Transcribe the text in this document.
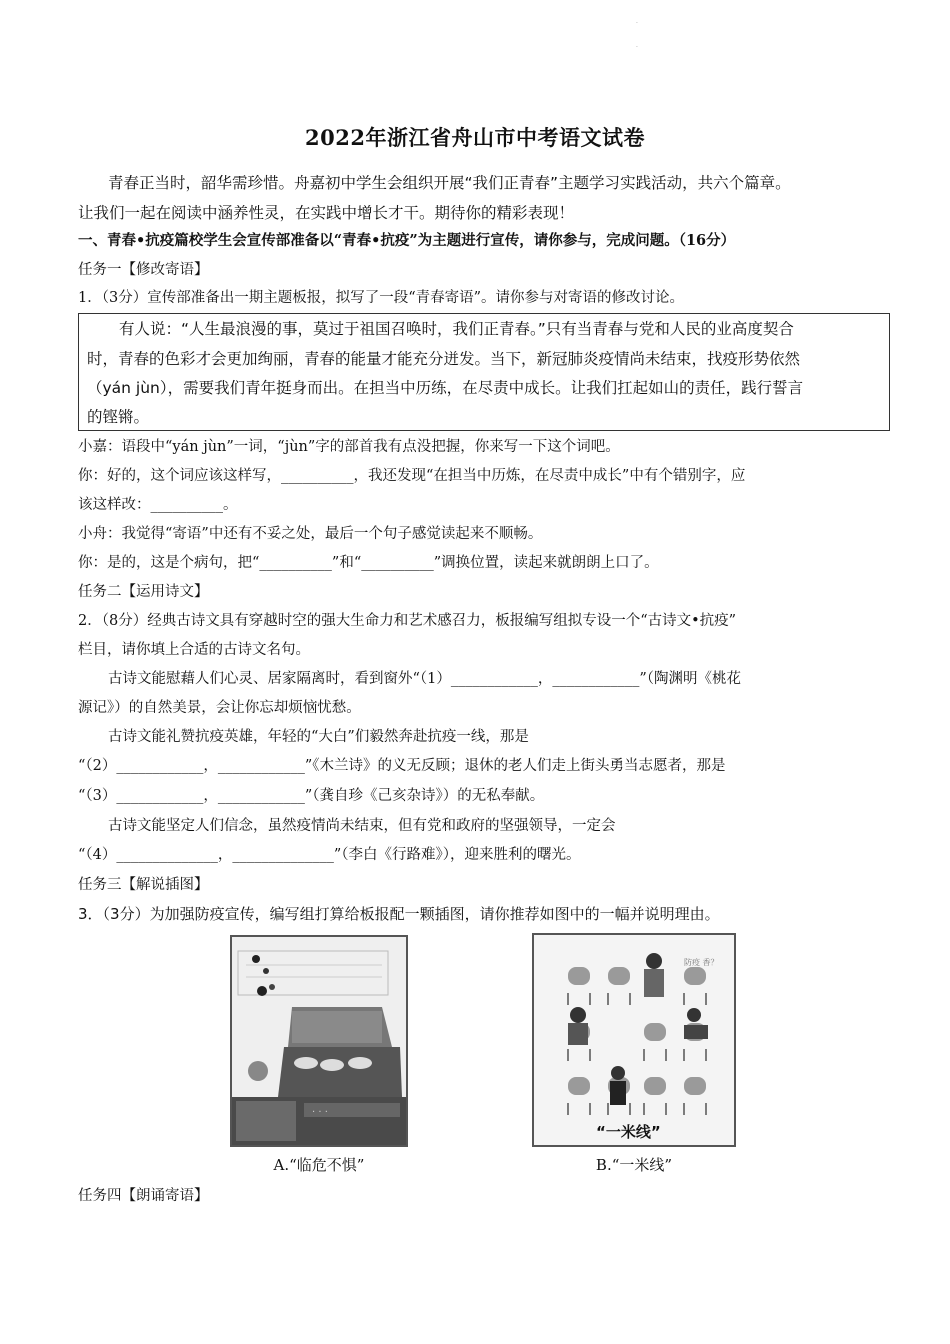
·
·
2022年浙江省舟山市中考语文试卷
青春正当时，韶华需珍惜。舟嘉初中学生会组织开展“我们正青春”主题学习实践活动，共六个篇章。
让我们一起在阅读中涵养性灵，在实践中增长才干。期待你的精彩表现！
一、青春•抗疫篇校学生会宣传部准备以“青春•抗疫”为主题进行宣传，请你参与，完成问题。（16分）
任务一【修改寄语】
1．（3分）宣传部准备出一期主题板报，拟写了一段“青春寄语”。请你参与对寄语的修改讨论。
有人说：“人生最浪漫的事，莫过于祖国召唤时，我们正青春。”只有当青春与党和人民的业高度契合
时，青春的色彩才会更加绚丽，青春的能量才能充分迸发。当下，新冠肺炎疫情尚未结束，找疫形势依然
（yán jùn），需要我们青年挺身而出。在担当中历练，在尽责中成长。让我们扛起如山的责任，践行誓言
的铿锵。
小嘉：语段中“yán jùn”一词，“jùn”字的部首我有点没把握，你来写一下这个词吧。
你：好的，这个词应该这样写，__________，我还发现“在担当中历炼，在尽责中成长”中有个错别字，应
该这样改：__________。
小舟：我觉得“寄语”中还有不妥之处，最后一个句子感觉读起来不顺畅。
你：是的，这是个病句，把“__________”和“__________”调换位置，读起来就朗朗上口了。
任务二【运用诗文】
2．（8分）经典古诗文具有穿越时空的强大生命力和艺术感召力，板报编写组拟专设一个“古诗文•抗疫”
栏目，请你填上合适的古诗文名句。
古诗文能慰藉人们心灵、居家隔离时，看到窗外“（1）____________，____________”（陶渊明《桃花
源记》）的自然美景，会让你忘却烦恼忧愁。
古诗文能礼赞抗疫英雄，年轻的“大白”们毅然奔赴抗疫一线，那是
“（2）____________，____________”《木兰诗》的义无反顾；退休的老人们走上街头勇当志愿者，那是
“（3）____________，____________”（龚自珍《己亥杂诗》）的无私奉献。
古诗文能坚定人们信念，虽然疫情尚未结束，但有党和政府的坚强领导，一定会
“（4）______________，______________”（李白《行路难》），迎来胜利的曙光。
任务三【解说插图】
3．（3分）为加强防疫宣传，编写组打算给板报配一颗插图，请你推荐如图中的一幅并说明理由。
· · ·
A.“临危不惧”
防疫 香？
“一米线”
B.“一米线”
任务四【朗诵寄语】
